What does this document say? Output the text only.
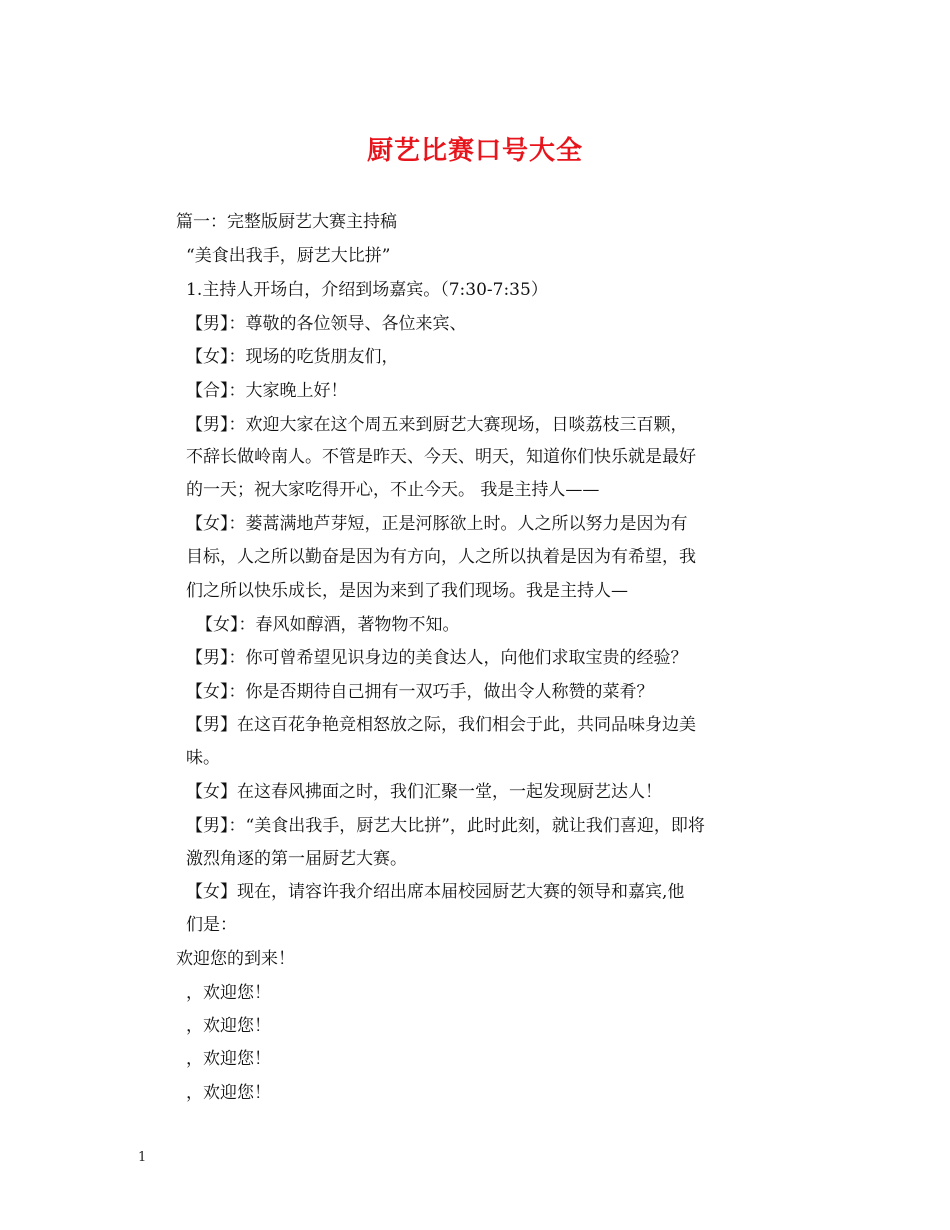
厨艺比赛口号大全
篇一：完整版厨艺大赛主持稿
“美食出我手，厨艺大比拼”
1.主持人开场白，介绍到场嘉宾。（7:30-7:35）
【男】：尊敬的各位领导、各位来宾、
【女】：现场的吃货朋友们，
【合】：大家晚上好！
【男】：欢迎大家在这个周五来到厨艺大赛现场，日啖荔枝三百颗，
不辞长做岭南人。不管是昨天、今天、明天，知道你们快乐就是最好
的一天；祝大家吃得开心，不止今天。 我是主持人——
【女】：蒌蒿满地芦芽短，正是河豚欲上时。人之所以努力是因为有
目标，人之所以勤奋是因为有方向，人之所以执着是因为有希望，我
们之所以快乐成长，是因为来到了我们现场。我是主持人—
【女】：春风如醇酒，著物物不知。
【男】：你可曾希望见识身边的美食达人，向他们求取宝贵的经验？
【女】：你是否期待自己拥有一双巧手，做出令人称赞的菜肴？
【男】在这百花争艳竞相怒放之际，我们相会于此，共同品味身边美
味。
【女】在这春风拂面之时，我们汇聚一堂，一起发现厨艺达人！
【男】：“美食出我手，厨艺大比拼”，此时此刻，就让我们喜迎，即将
激烈角逐的第一届厨艺大赛。
【女】现在，请容许我介绍出席本届校园厨艺大赛的领导和嘉宾,他
们是：
欢迎您的到来！
，欢迎您！
，欢迎您！
，欢迎您！
，欢迎您！
1
